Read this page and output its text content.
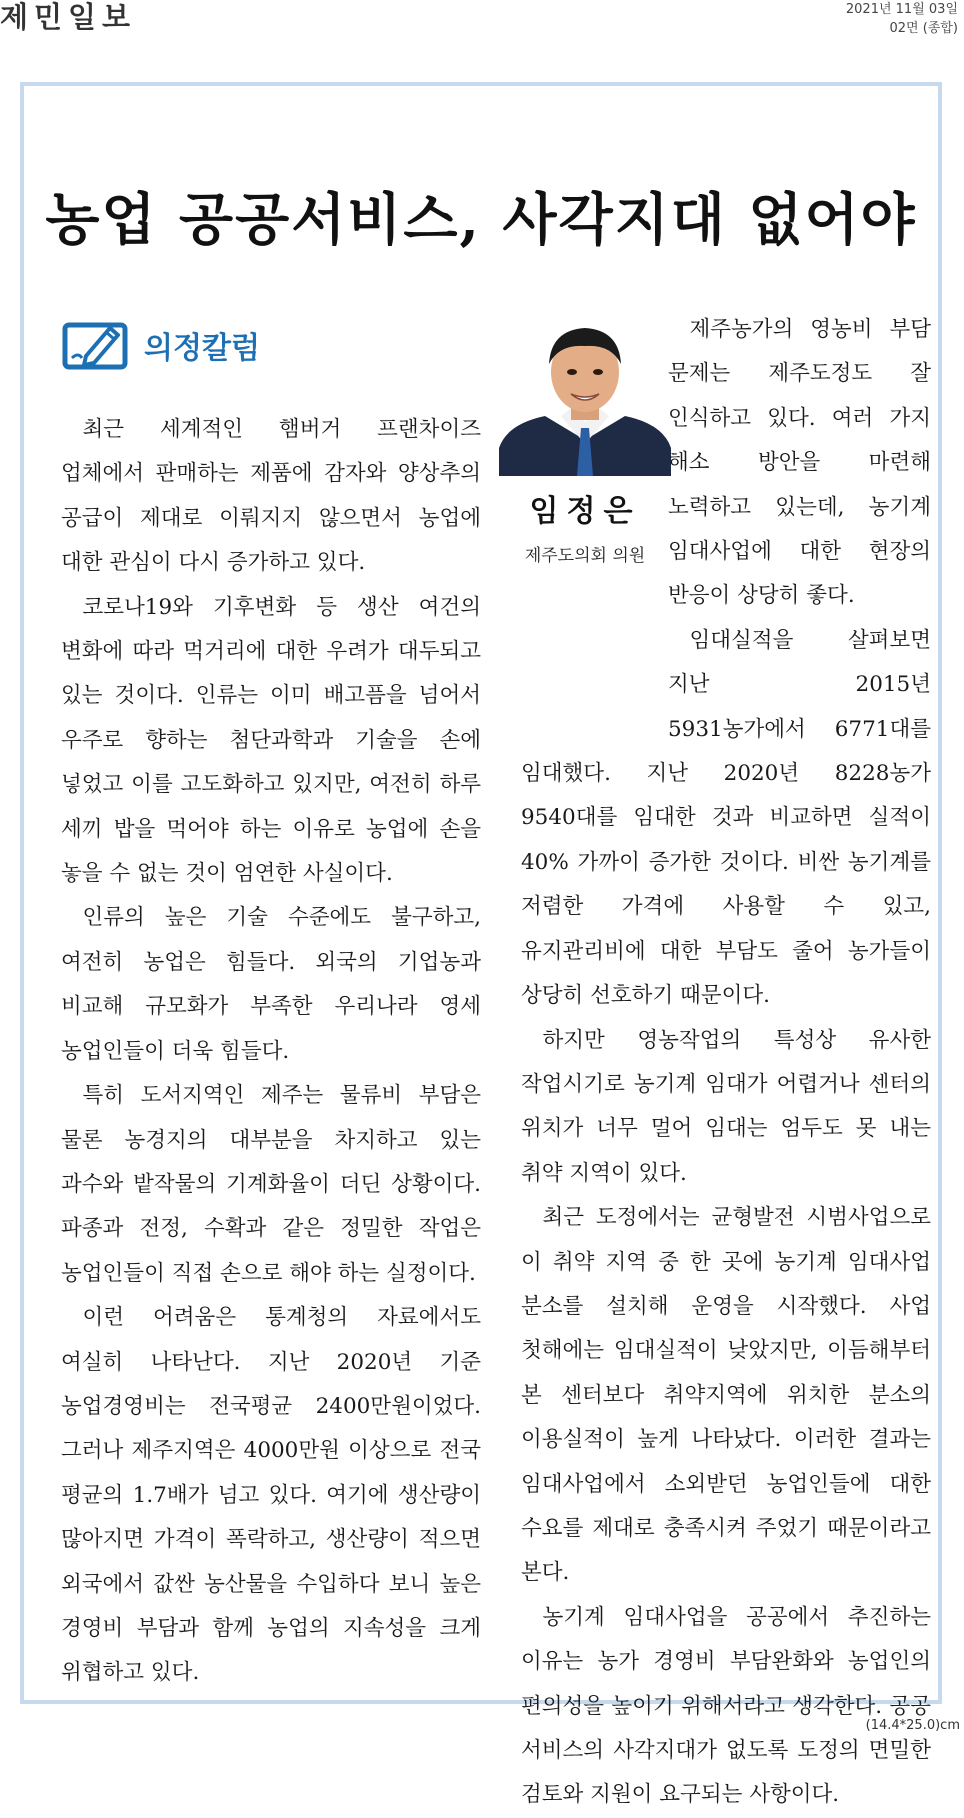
제민일보	2021년 11월 03일
02면 (종합)
농업 공공서비스, 사각지대 없어야
의정칼럼

최근 세계적인 햄버거 프랜차이즈 업체에서 판매하는 제품에 감자와 양상추의 공급이 제대로 이뤄지지 않으면서 농업에 대한 관심이 다시 증가하고 있다.

코로나19와 기후변화 등 생산 여건의 변화에 따라 먹거리에 대한 우려가 대두되고 있는 것이다. 인류는 이미 배고픔을 넘어서 우주로 향하는 첨단과학과 기술을 손에 넣었고 이를 고도화하고 있지만, 여전히 하루 세끼 밥을 먹어야 하는 이유로 농업에 손을 놓을 수 없는 것이 엄연한 사실이다.

인류의 높은 기술 수준에도 불구하고, 여전히 농업은 힘들다. 외국의 기업농과 비교해 규모화가 부족한 우리나라 영세 농업인들이 더욱 힘들다.

특히 도서지역인 제주는 물류비 부담은 물론 농경지의 대부분을 차지하고 있는 과수와 밭작물의 기계화율이 더딘 상황이다. 파종과 전정, 수확과 같은 정밀한 작업은 농업인들이 직접 손으로 해야 하는 실정이다.

이런 어려움은 통계청의 자료에서도 여실히 나타난다. 지난 2020년 기준 농업경영비는 전국평균 2400만원이었다. 그러나 제주지역은 4000만원 이상으로 전국 평균의 1.7배가 넘고 있다. 여기에 생산량이 많아지면 가격이 폭락하고, 생산량이 적으면 외국에서 값싼 농산물을 수입하다 보니 높은 경영비 부담과 함께 농업의 지속성을 크게 위협하고 있다.

임정은
제주도의회 의원

제주농가의 영농비 부담 문제는 제주도정도 잘 인식하고 있다. 여러 가지 해소 방안을 마련해 노력하고 있는데, 농기계 임대사업에 대한 현장의 반응이 상당히 좋다.

임대실적을 살펴보면 지난 2015년 5931농가에서 6771대를 임대했다. 지난 2020년 8228농가 9540대를 임대한 것과 비교하면 실적이 40% 가까이 증가한 것이다. 비싼 농기계를 저렴한 가격에 사용할 수 있고, 유지관리비에 대한 부담도 줄어 농가들이 상당히 선호하기 때문이다.

하지만 영농작업의 특성상 유사한 작업시기로 농기계 임대가 어렵거나 센터의 위치가 너무 멀어 임대는 엄두도 못 내는 취약 지역이 있다.

최근 도정에서는 균형발전 시범사업으로 이 취약 지역 중 한 곳에 농기계 임대사업 분소를 설치해 운영을 시작했다. 사업 첫해에는 임대실적이 낮았지만, 이듬해부터 본 센터보다 취약지역에 위치한 분소의 이용실적이 높게 나타났다. 이러한 결과는 임대사업에서 소외받던 농업인들에 대한 수요를 제대로 충족시켜 주었기 때문이라고 본다.

농기계 임대사업을 공공에서 추진하는 이유는 농가 경영비 부담완화와 농업인의 편의성을 높이기 위해서라고 생각한다. 공공 서비스의 사각지대가 없도록 도정의 면밀한 검토와 지원이 요구되는 사항이다.

(14.4*25.0)cm
